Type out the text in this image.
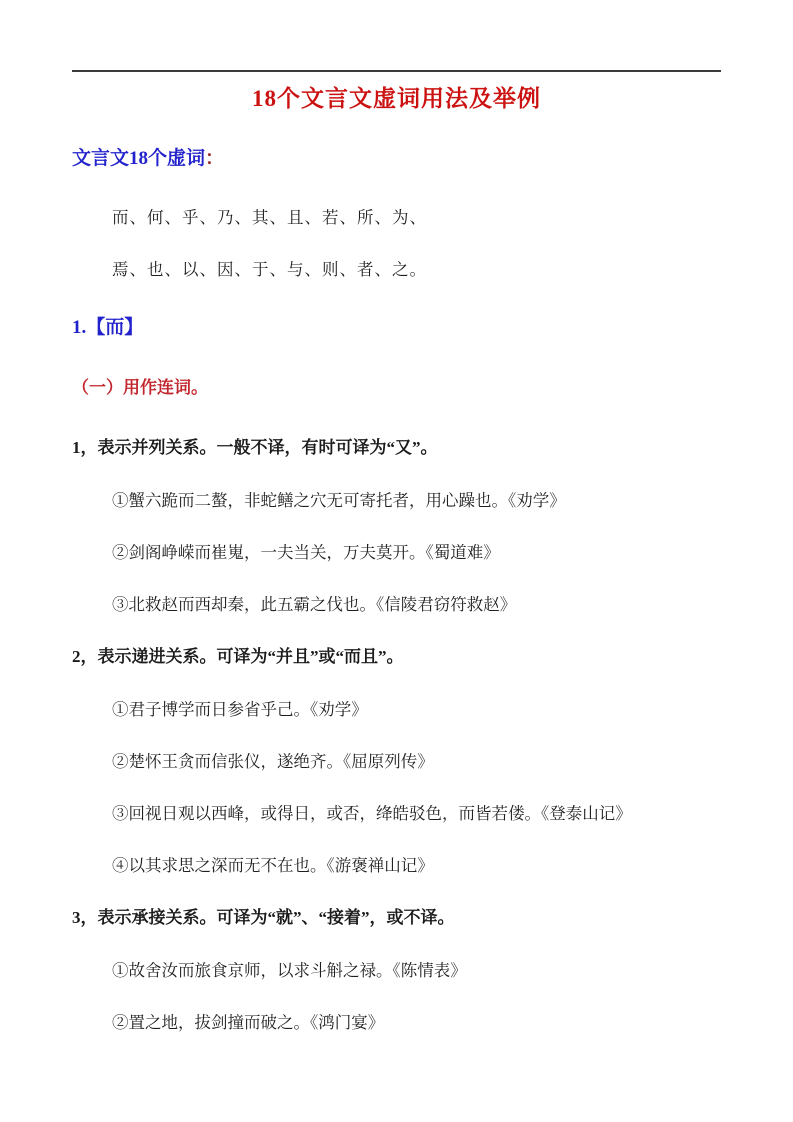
18个文言文虚词用法及举例
文言文18个虚词：

而、何、乎、乃、其、且、若、所、为、

焉、也、以、因、于、与、则、者、之。

1.【而】
（一）用作连词。

1，表示并列关系。一般不译，有时可译为“又”。

①蟹六跪而二螯，非蛇鳝之穴无可寄托者，用心躁也。《劝学》

②剑阁峥嵘而崔嵬，一夫当关，万夫莫开。《蜀道难》

③北救赵而西却秦，此五霸之伐也。《信陵君窃符救赵》

2，表示递进关系。可译为“并且”或“而且”。

①君子博学而日参省乎己。《劝学》

②楚怀王贪而信张仪，遂绝齐。《屈原列传》

③回视日观以西峰，或得日，或否，绛皓驳色，而皆若偻。《登泰山记》

④以其求思之深而无不在也。《游褒禅山记》

3，表示承接关系。可译为“就”、“接着”，或不译。

①故舍汝而旅食京师，以求斗斛之禄。《陈情表》

②置之地，拔剑撞而破之。《鸿门宴》
